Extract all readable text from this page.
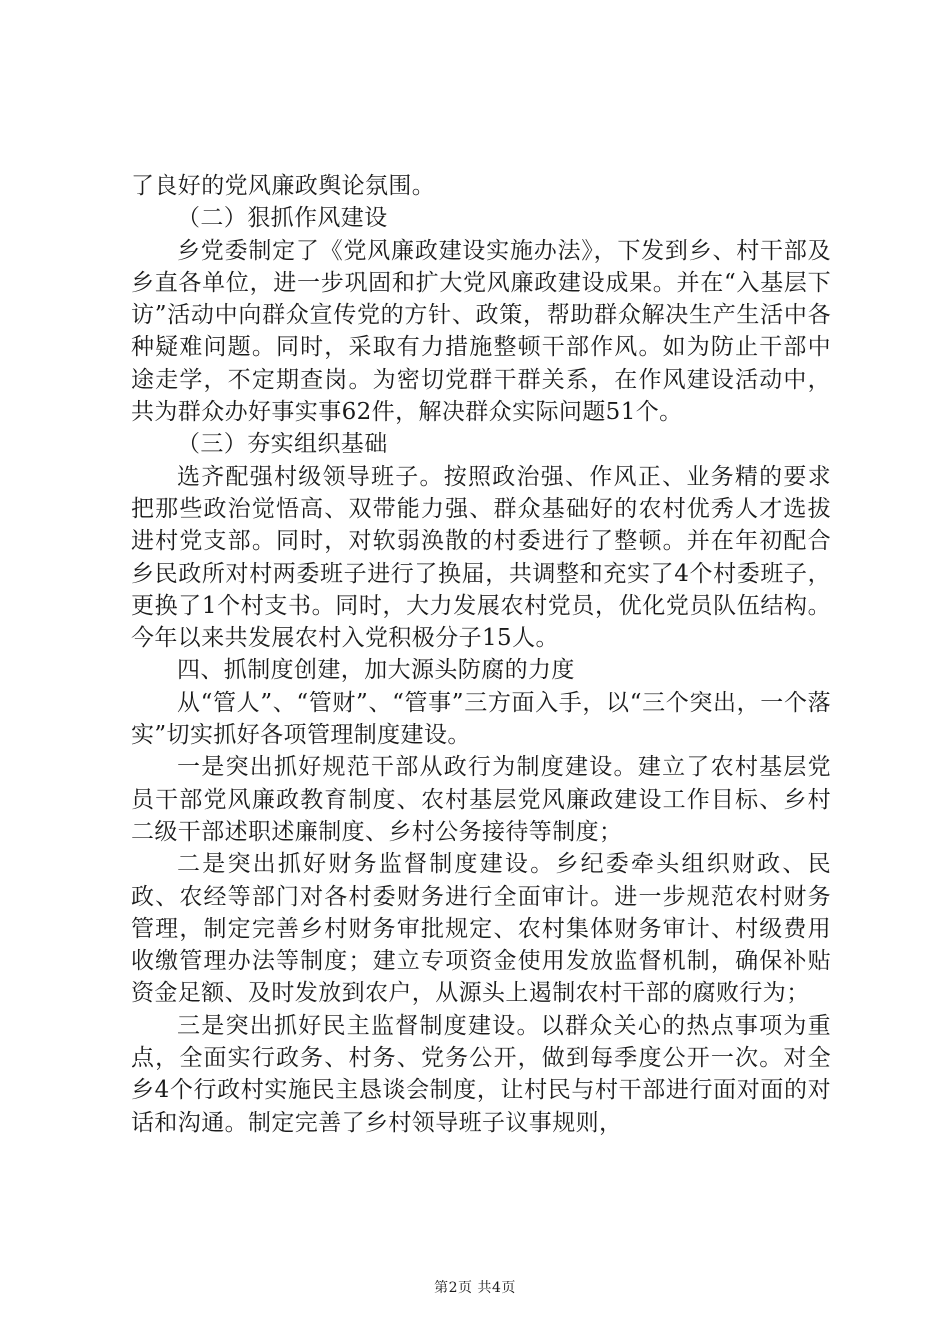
了良好的党风廉政舆论氛围。

（二）狠抓作风建设

乡党委制定了《党风廉政建设实施办法》，下发到乡、村干部及乡直各单位，进一步巩固和扩大党风廉政建设成果。并在“入基层下访”活动中向群众宣传党的方针、政策，帮助群众解决生产生活中各种疑难问题。同时，采取有力措施整顿干部作风。如为防止干部中途走学，不定期查岗。为密切党群干群关系，在作风建设活动中，共为群众办好事实事62件，解决群众实际问题51个。

（三）夯实组织基础

选齐配强村级领导班子。按照政治强、作风正、业务精的要求把那些政治觉悟高、双带能力强、群众基础好的农村优秀人才选拔进村党支部。同时，对软弱涣散的村委进行了整顿。并在年初配合乡民政所对村两委班子进行了换届，共调整和充实了4个村委班子，更换了1个村支书。同时，大力发展农村党员，优化党员队伍结构。今年以来共发展农村入党积极分子15人。

四、抓制度创建，加大源头防腐的力度

从“管人”、“管财”、“管事”三方面入手，以“三个突出，一个落实”切实抓好各项管理制度建设。

一是突出抓好规范干部从政行为制度建设。建立了农村基层党员干部党风廉政教育制度、农村基层党风廉政建设工作目标、乡村二级干部述职述廉制度、乡村公务接待等制度；

二是突出抓好财务监督制度建设。乡纪委牵头组织财政、民政、农经等部门对各村委财务进行全面审计。进一步规范农村财务管理，制定完善乡村财务审批规定、农村集体财务审计、村级费用收缴管理办法等制度；建立专项资金使用发放监督机制，确保补贴资金足额、及时发放到农户，从源头上遏制农村干部的腐败行为；

三是突出抓好民主监督制度建设。以群众关心的热点事项为重点，全面实行政务、村务、党务公开，做到每季度公开一次。对全乡4个行政村实施民主恳谈会制度，让村民与村干部进行面对面的对话和沟通。制定完善了乡村领导班子议事规则，

第2页 共4页
